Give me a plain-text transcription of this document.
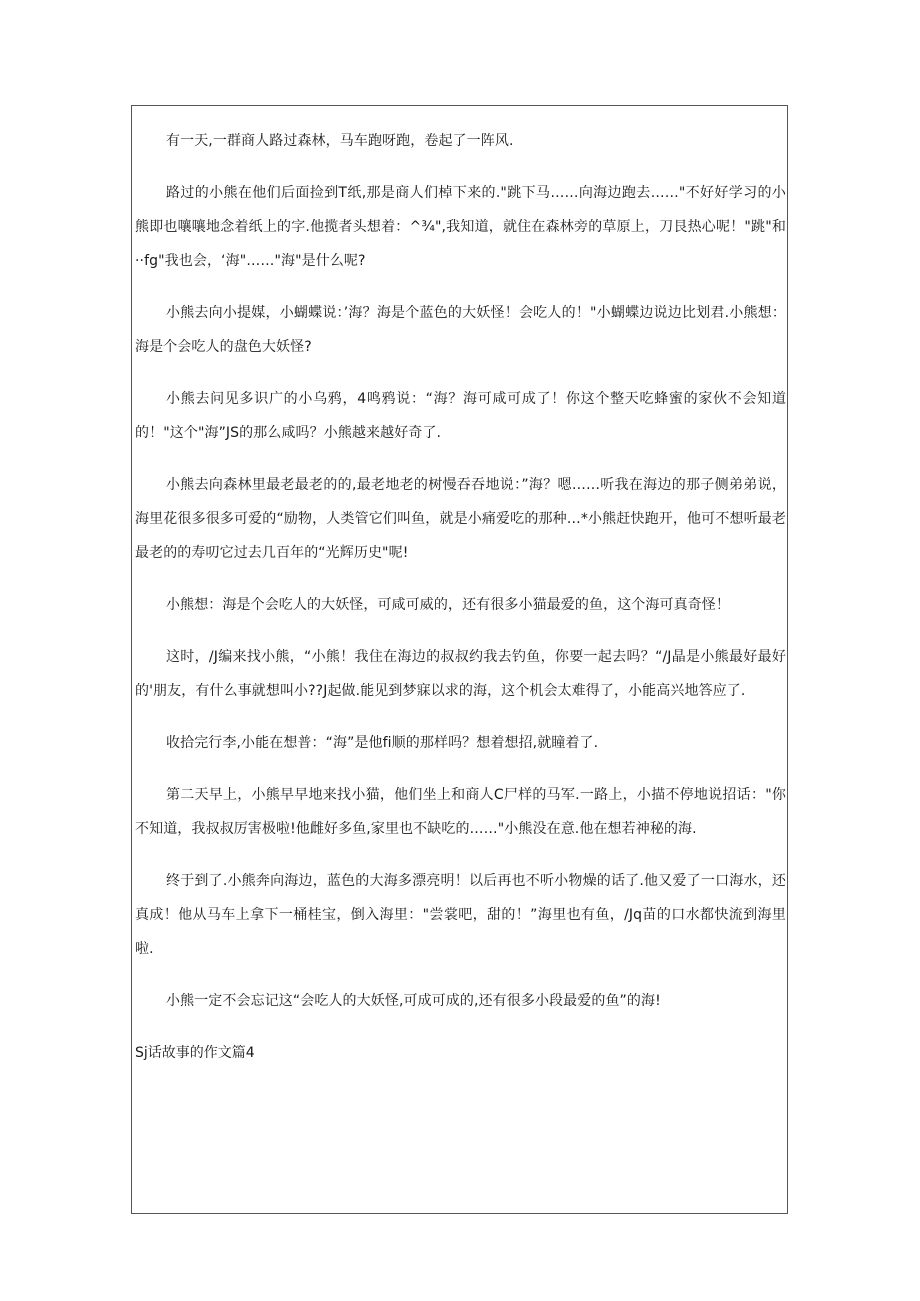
有一天,一群商人路过森林，马车跑呀跑，卷起了一阵风.

路过的小熊在他们后面捡到T纸,那是商人们棹下来的."跳下马……向海边跑去……"不好好学习的小熊即也嚷嚷地念着纸上的字.他揽者头想着：^¾",我知道，就住在森林旁的草原上，刀艮热心呢！"跳"和··fg"我也会，‘海"……"海"是什么呢?

小熊去向小提媒，小蝴蝶说：’海？海是个蓝色的大妖怪！会吃人的！"小蝴蝶边说边比划君.小熊想：海是个会吃人的盘色大妖怪?

小熊去问见多识广的小乌鸦，4鸣鸦说：“海？海可咸可成了！你这个整天吃蜂蜜的家伙不会知道的！"这个"海”JS的那么咸吗？小熊越来越好奇了.

小熊去向森林里最老最老的的,最老地老的树慢吞吞地说：”海？嗯……听我在海边的那子侧弟弟说，海里花很多很多可爱的“励物，人类管它们叫鱼，就是小痛爱吃的那种…*小熊赶快跑开，他可不想听最老最老的的寿叨它过去几百年的“光辉历史"呢!

小熊想：海是个会吃人的大妖怪，可咸可威的，还有很多小猫最爱的鱼，这个海可真奇怪！

这时，/J编来找小熊，“小熊！我住在海边的叔叔约我去钓鱼，你要一起去吗？“/J晶是小熊最好最好的'朋友，有什么事就想叫小??J起做.能见到梦寐以求的海，这个机会太难得了，小能高兴地答应了.

收拾完行李,小能在想普：“海”是他fi顺的那样吗？想着想招,就瞳着了.

第二天早上，小熊早早地来找小猫，他们坐上和商人C尸样的马军.一路上，小描不停地说招话："你不知道，我叔叔厉害极啦!他雌好多鱼,家里也不缺吃的……"小熊没在意.他在想若神秘的海.

终于到了.小熊奔向海边，蓝色的大海多漂亮明！以后再也不听小物燥的话了.他又爱了一口海水，还真成！他从马车上拿下一桶桂宝，倒入海里："尝裳吧，甜的！”海里也有鱼，/Jq苗的口水都快流到海里啦.

小熊一定不会忘记这“会吃人的大妖怪,可成可成的,还有很多小段最爱的鱼”的海!

Sj话故事的作文篇4
